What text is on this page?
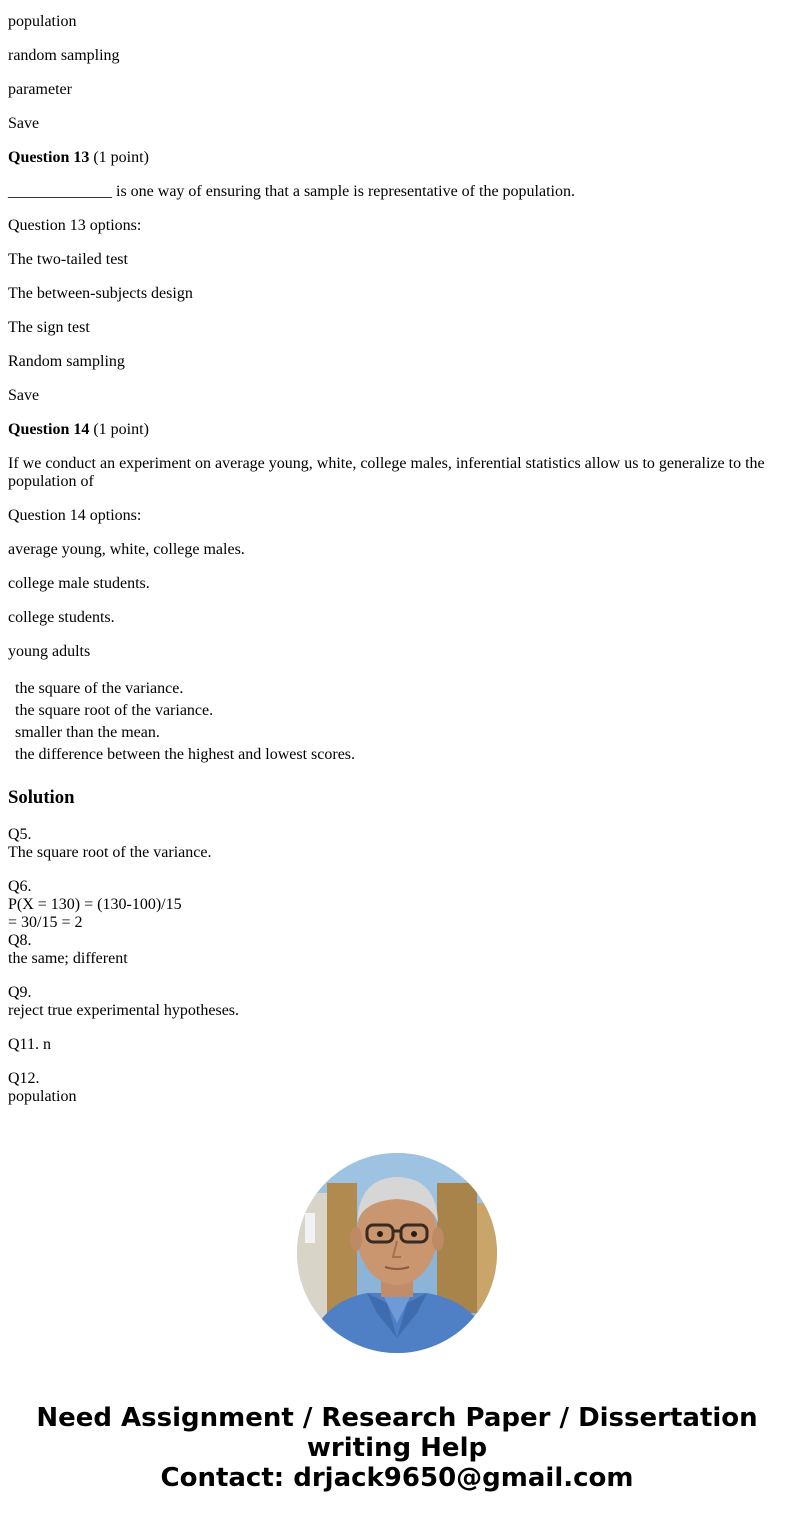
population

random sampling

parameter

Save

Question 13 (1 point)

_____________ is one way of ensuring that a sample is representative of the population.

Question 13 options:

The two-tailed test

The between-subjects design

The sign test

Random sampling

Save

Question 14 (1 point)

If we conduct an experiment on average young, white, college males, inferential statistics allow us to generalize to the population of

Question 14 options:

average young, white, college males.

college male students.

college students.

young adults

the square of the variance.

the square root of the variance.

smaller than the mean.

the difference between the highest and lowest scores.

Solution

Q5.

The square root of the variance.

Q6.

P(X = 130) = (130-100)/15

= 30/15 = 2

Q8.

the same; different

Q9.

reject true experimental hypotheses.

Q11. n

Q12.

population

Need Assignment / Research Paper / Dissertation
writing Help
Contact: drjack9650@gmail.com
